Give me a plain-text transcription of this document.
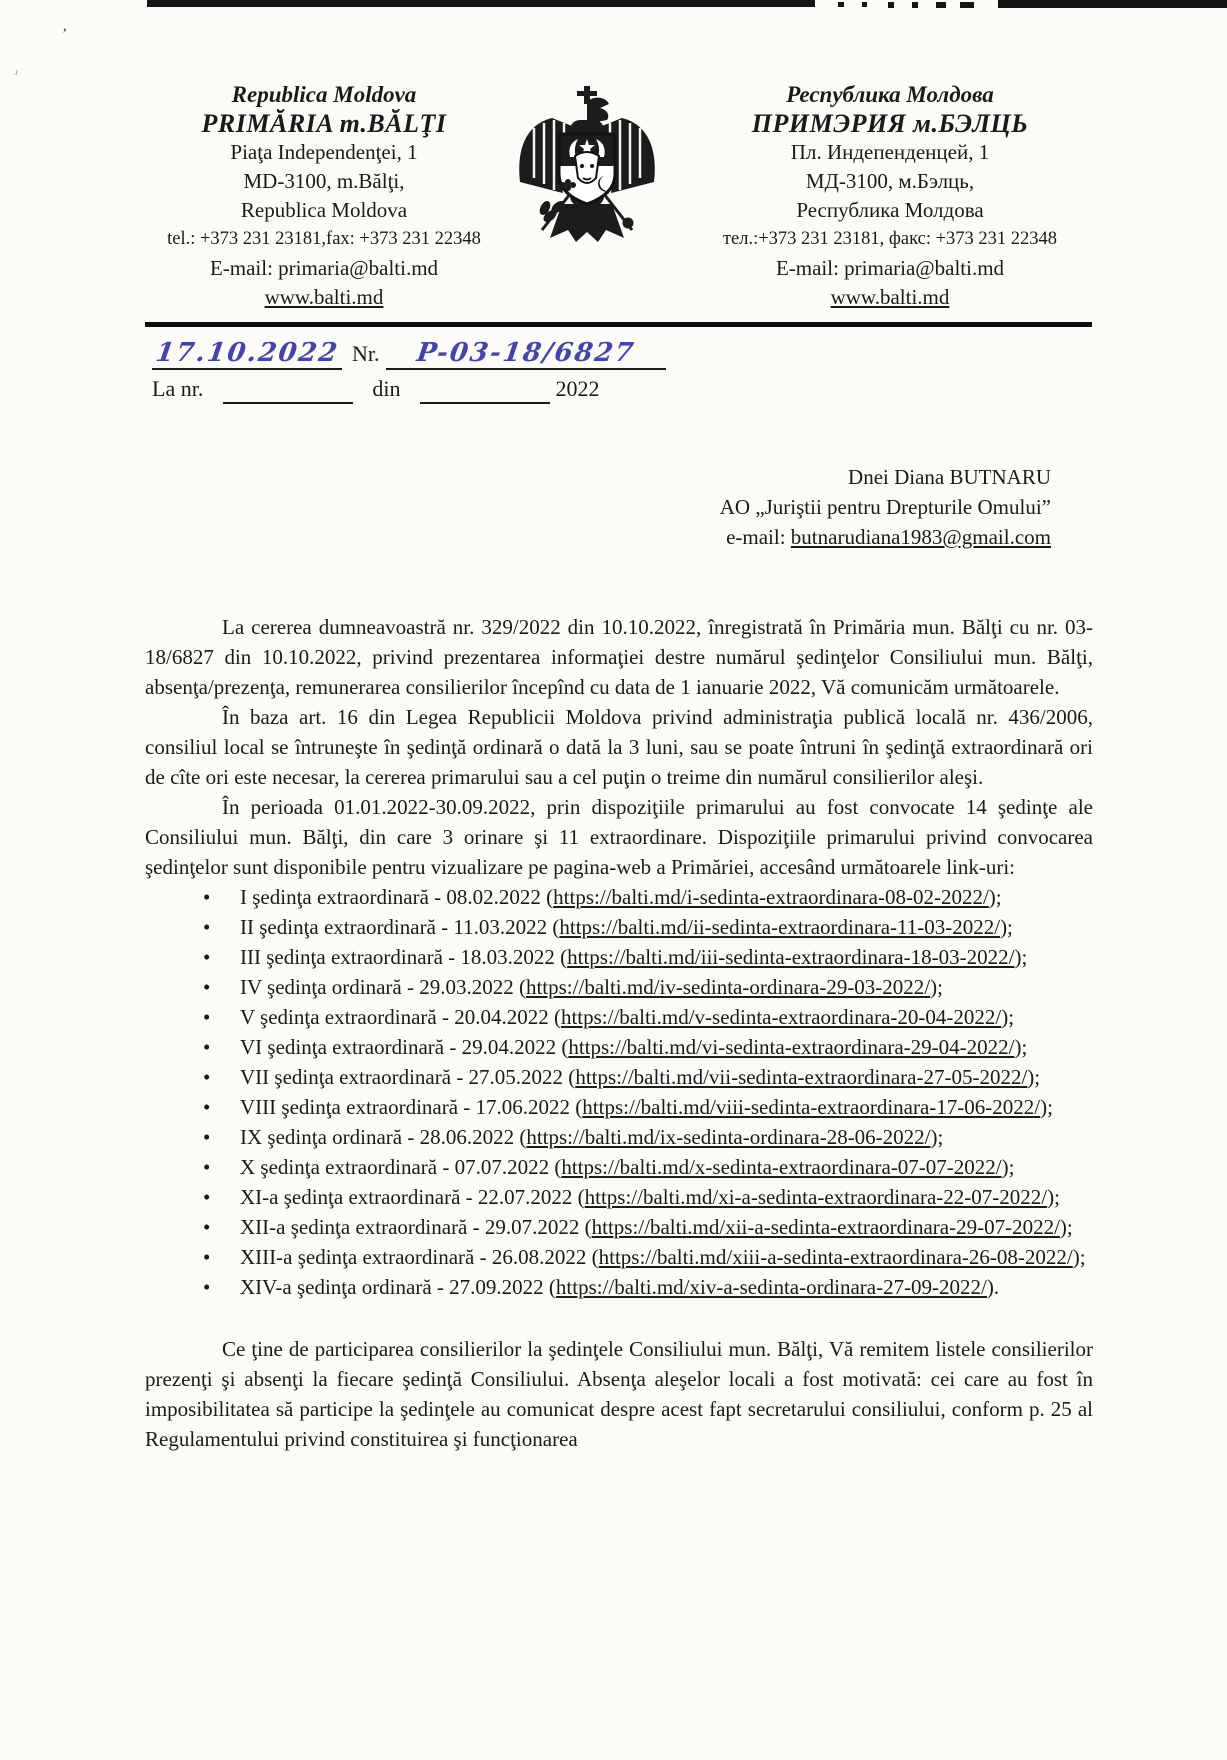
’
ʴ
Republica Moldova
PRIMĂRIA m.BĂLŢI
Piaţa Independenţei, 1
MD-3100, m.Bălţi,
Republica Moldova
tel.: +373 231 23181,fax: +373 231 22348
E-mail: primaria@balti.md
www.balti.md
Республика Молдова
ПРИМЭРИЯ м.БЭЛЦЬ
Пл. Индепенденцей, 1
МД-3100, м.Бэлць,
Республика Молдова
тел.:+373 231 23181, факс: +373 231 22348
E-mail: primaria@balti.md
www.balti.md
17.10.2022 Nr.	P-03-18/6827
La nr.	din	2022
Dnei Diana BUTNARU
AO „Juriştii pentru Drepturile Omului”
e-mail: butnarudiana1983@gmail.com

La cererea dumneavoastră nr. 329/2022 din 10.10.2022, înregistrată în Primăria mun. Bălţi cu nr. 03-18/6827 din 10.10.2022, privind prezentarea informaţiei destre numărul şedinţelor Consiliului mun. Bălţi, absenţa/prezenţa, remunerarea consilierilor începînd cu data de 1 ianuarie 2022, Vă comunicăm următoarele.

În baza art. 16 din Legea Republicii Moldova privind administraţia publică locală nr. 436/2006, consiliul local se întruneşte în şedinţă ordinară o dată la 3 luni, sau se poate întruni în şedinţă extraordinară ori de cîte ori este necesar, la cererea primarului sau a cel puţin o treime din numărul consilierilor aleşi.

În perioada 01.01.2022-30.09.2022, prin dispoziţiile primarului au fost convocate 14 şedinţe ale Consiliului mun. Bălţi, din care 3 orinare şi 11 extraordinare. Dispoziţiile primarului privind convocarea şedinţelor sunt disponibile pentru vizualizare pe pagina-web a Primăriei, accesând următoarele link-uri:

• I şedinţa extraordinară - 08.02.2022 (https://balti.md/i-sedinta-extraordinara-08-02-2022/);
• II şedinţa extraordinară - 11.03.2022 (https://balti.md/ii-sedinta-extraordinara-11-03-2022/);
• III şedinţa extraordinară - 18.03.2022 (https://balti.md/iii-sedinta-extraordinara-18-03-2022/);
• IV şedinţa ordinară - 29.03.2022 (https://balti.md/iv-sedinta-ordinara-29-03-2022/);
• V şedinţa extraordinară - 20.04.2022 (https://balti.md/v-sedinta-extraordinara-20-04-2022/);
• VI şedinţa extraordinară - 29.04.2022 (https://balti.md/vi-sedinta-extraordinara-29-04-2022/);
• VII şedinţa extraordinară - 27.05.2022 (https://balti.md/vii-sedinta-extraordinara-27-05-2022/);
• VIII şedinţa extraordinară - 17.06.2022 (https://balti.md/viii-sedinta-extraordinara-17-06-2022/);
• IX şedinţa ordinară - 28.06.2022 (https://balti.md/ix-sedinta-ordinara-28-06-2022/);
• X şedinţa extraordinară - 07.07.2022 (https://balti.md/x-sedinta-extraordinara-07-07-2022/);
• XI-a şedinţa extraordinară - 22.07.2022 (https://balti.md/xi-a-sedinta-extraordinara-22-07-2022/);
• XII-a şedinţa extraordinară - 29.07.2022 (https://balti.md/xii-a-sedinta-extraordinara-29-07-2022/);
• XIII-a şedinţa extraordinară - 26.08.2022 (https://balti.md/xiii-a-sedinta-extraordinara-26-08-2022/);
• XIV-a şedinţa ordinară - 27.09.2022 (https://balti.md/xiv-a-sedinta-ordinara-27-09-2022/).

Ce ţine de participarea consilierilor la şedinţele Consiliului mun. Bălţi, Vă remitem listele consilierilor prezenţi şi absenţi la fiecare şedinţă Consiliului. Absenţa aleşelor locali a fost motivată: cei care au fost în imposibilitatea să participe la şedinţele au comunicat despre acest fapt secretarului consiliului, conform p. 25 al Regulamentului privind constituirea şi funcţionarea
